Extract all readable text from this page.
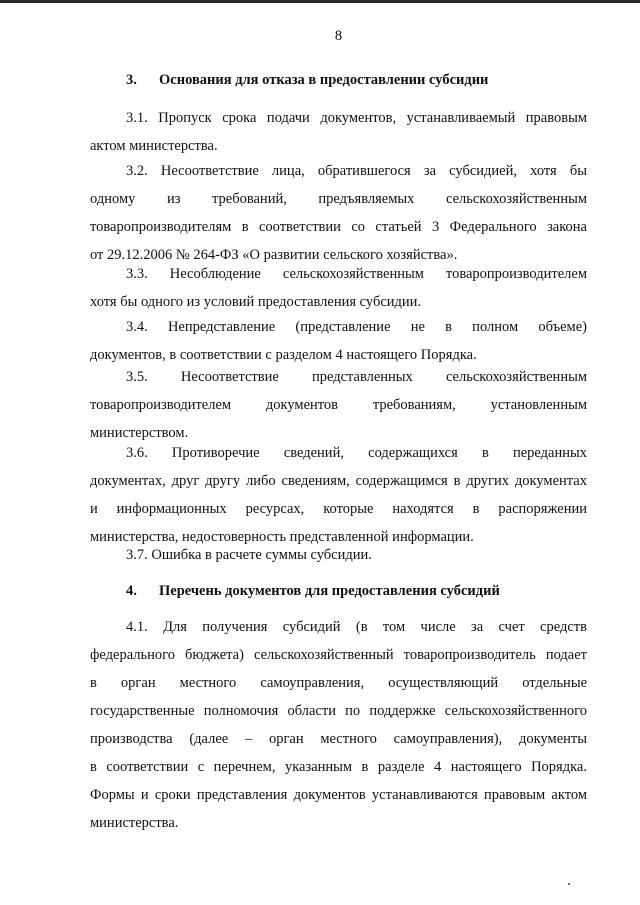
8
3. Основания для отказа в предоставлении субсидии
3.1. Пропуск срока подачи документов, устанавливаемый правовым
актом министерства.
3.2. Несоответствие лица, обратившегося за субсидией, хотя бы
одному из требований, предъявляемых сельскохозяйственным
товаропроизводителям в соответствии со статьей 3 Федерального закона
от 29.12.2006 № 264-ФЗ «О развитии сельского хозяйства».
3.3. Несоблюдение сельскохозяйственным товаропроизводителем
хотя бы одного из условий предоставления субсидии.
3.4. Непредставление (представление не в полном объеме)
документов, в соответствии с разделом 4 настоящего Порядка.
3.5. Несоответствие представленных сельскохозяйственным
товаропроизводителем документов требованиям, установленным
министерством.
3.6. Противоречие сведений, содержащихся в переданных
документах, друг другу либо сведениям, содержащимся в других документах
и информационных ресурсах, которые находятся в распоряжении
министерства, недостоверность представленной информации.
3.7. Ошибка в расчете суммы субсидии.
4. Перечень документов для предоставления субсидий
4.1. Для получения субсидий (в том числе за счет средств
федерального бюджета) сельскохозяйственный товаропроизводитель подает
в орган местного самоуправления, осуществляющий отдельные
государственные полномочия области по поддержке сельскохозяйственного
производства (далее – орган местного самоуправления), документы
в соответствии с перечнем, указанным в разделе 4 настоящего Порядка.
Формы и сроки представления документов устанавливаются правовым актом
министерства.
